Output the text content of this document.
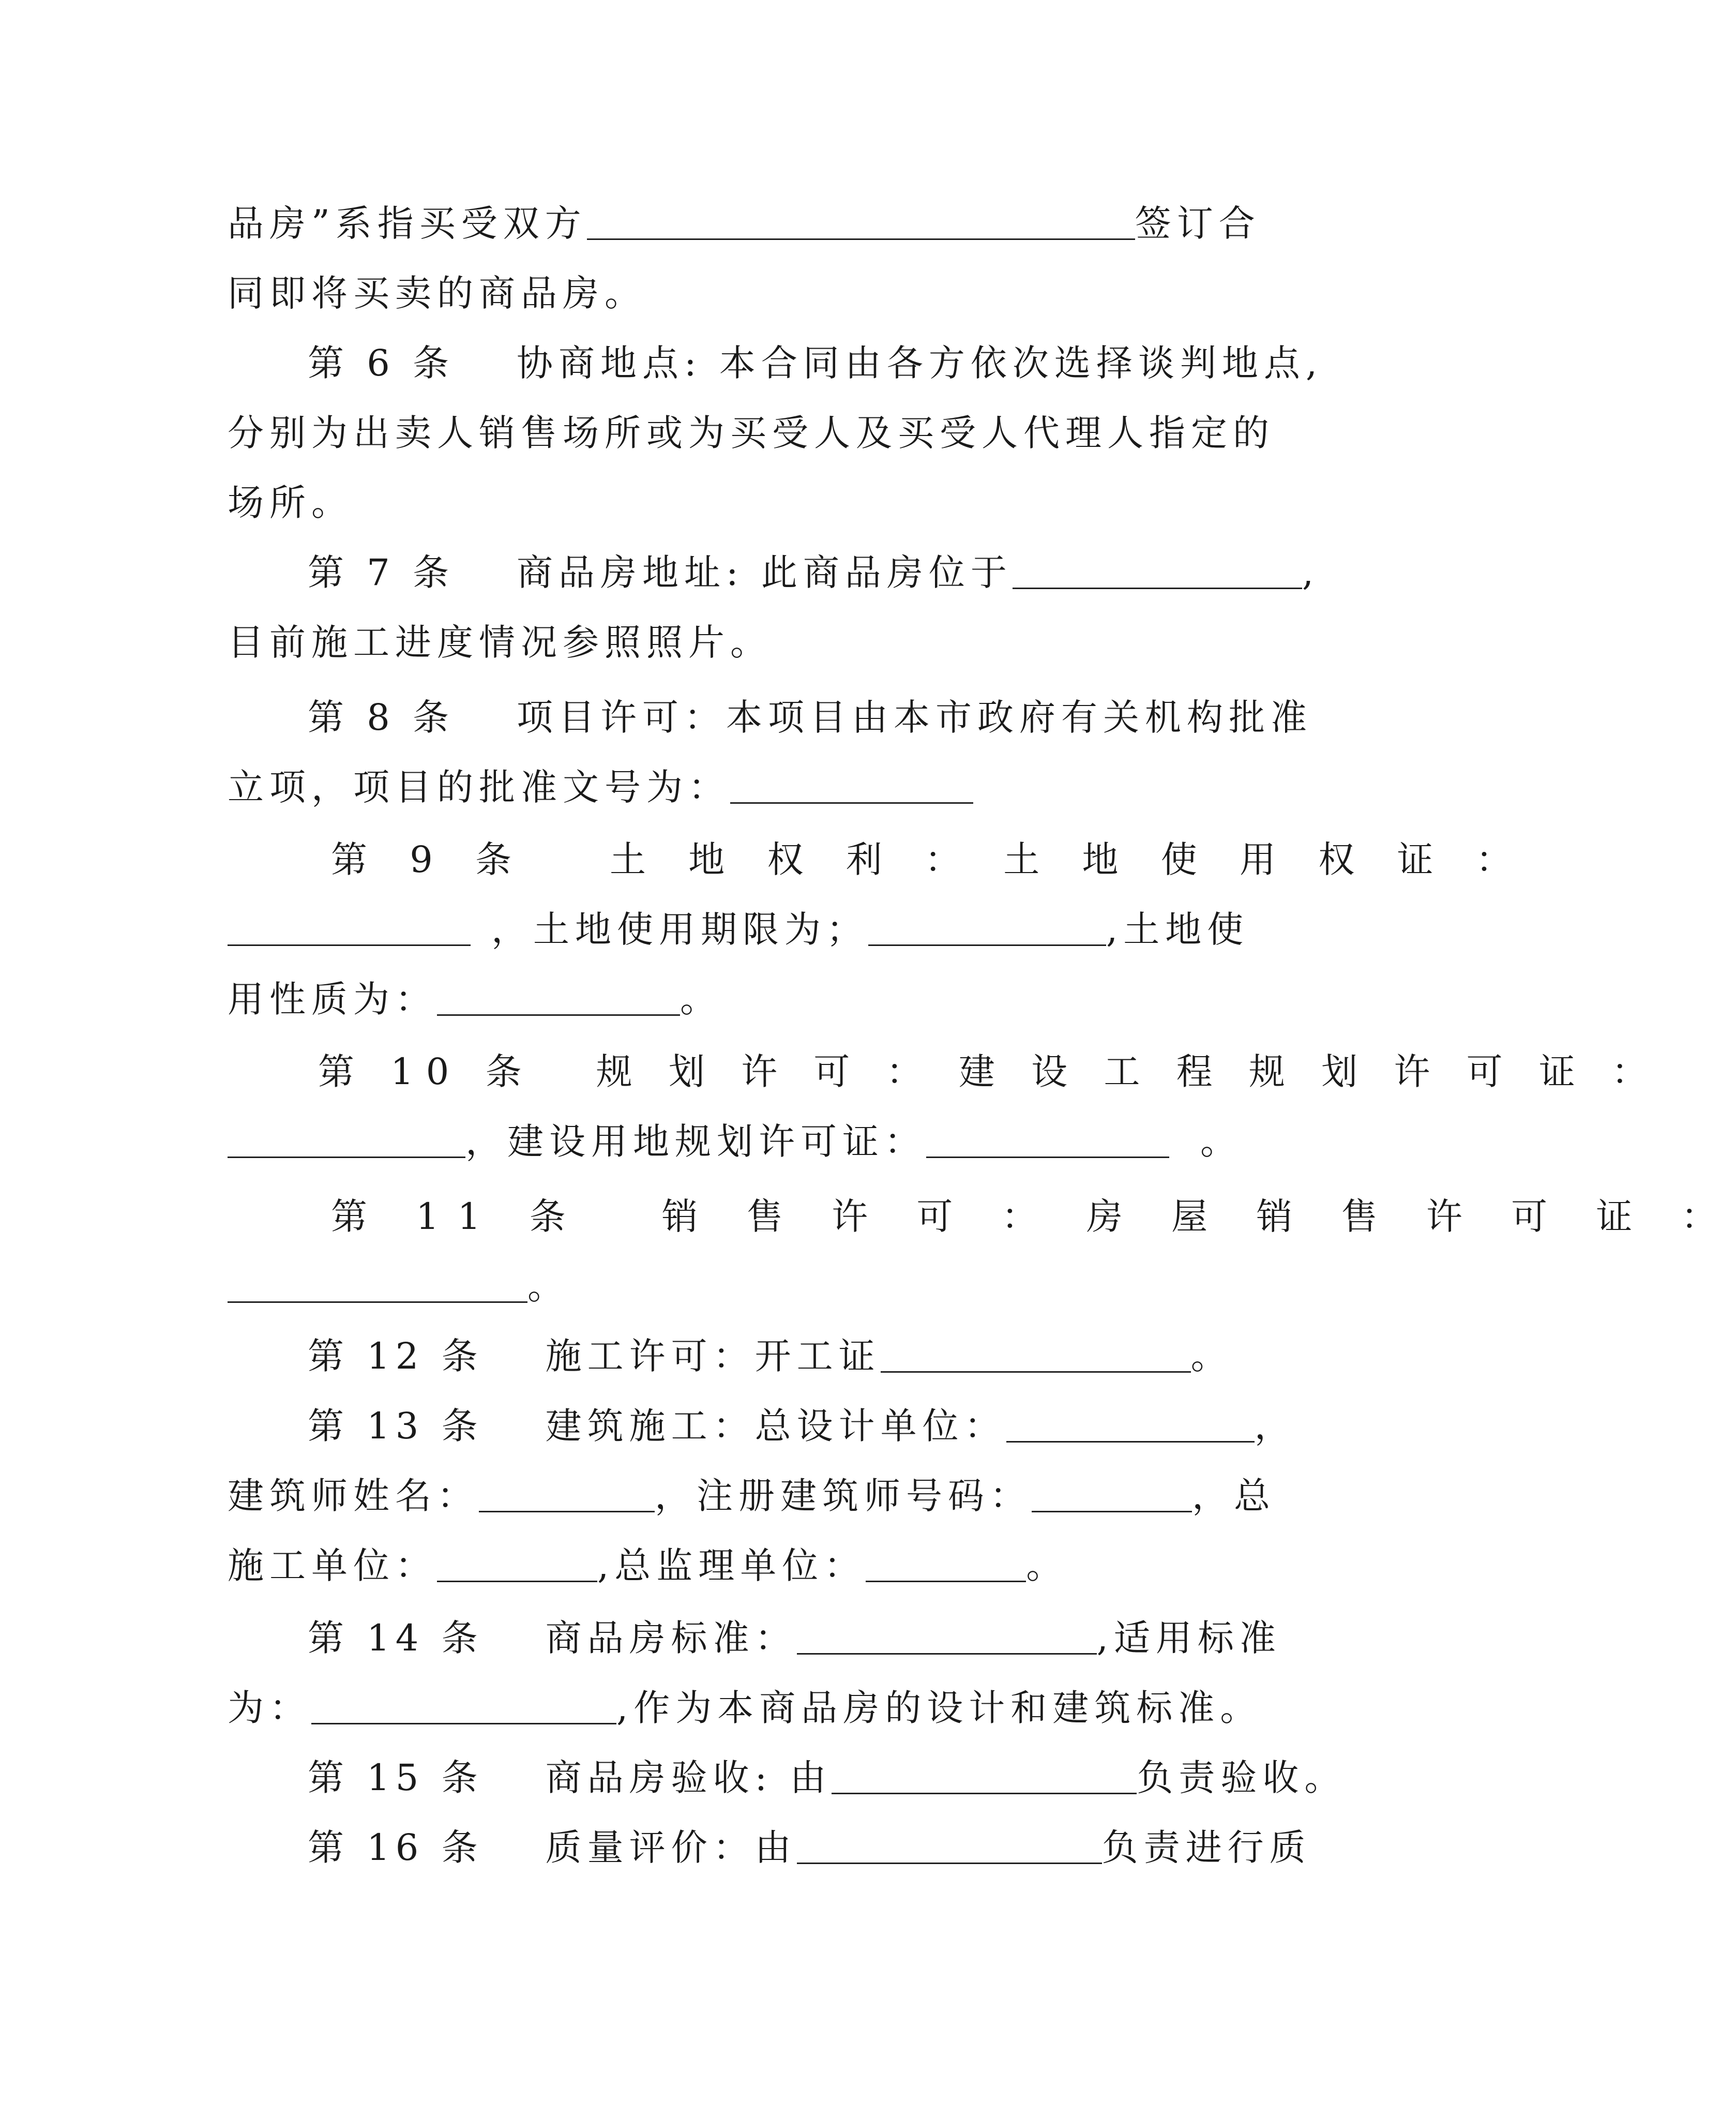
品房”系指买受双方	签订合
同即将买卖的商品房。
第 6 条 协商地点: 本合同由各方依次选择谈判地点,
分别为出卖人销售场所或为买受人及买受人代理人指定的
场所。
第 7 条 商品房地址: 此商品房位于	,
目前施工进度情况参照照片。
第 8 条 项目许可：本项目由本市政府有关机构批准
立项，项目的批准文号为：
第 9 条 土 地 权 利 ： 土 地 使 用 权 证 ：
，土地使用期限为；	,土地使
用性质为：	。
第 10 条 规 划 许 可 ： 建 设 工 程 规 划 许 可 证 ：
，建设用地规划许可证：	。
第 11 条 销 售 许 可 ： 房 屋 销 售 许 可 证 ：
。
第 12 条 施工许可：开工证	。
第 13 条 建筑施工：总设计单位：	，
建筑师姓名：	，注册建筑师号码：	，总
施工单位：	,总监理单位：	。
第 14 条 商品房标准：	,适用标准
为：	,作为本商品房的设计和建筑标准。
第 15 条 商品房验收: 由	负责验收。
第 16 条 质量评价：由	负责进行质
